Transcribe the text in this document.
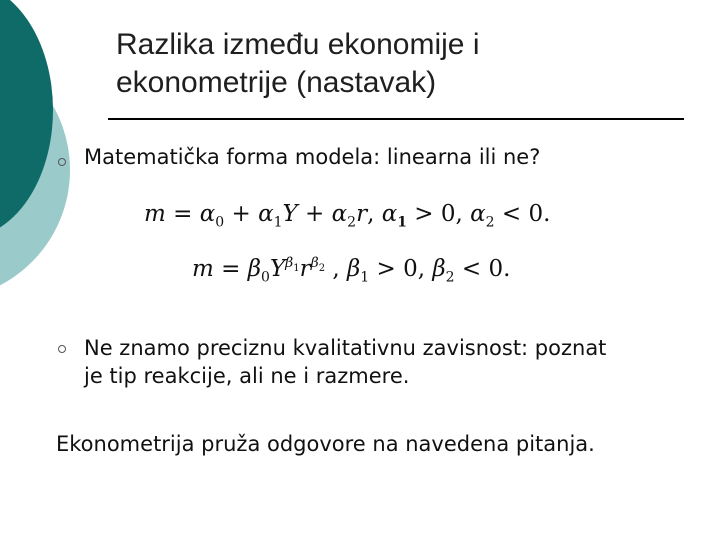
Razlika između ekonomije i
ekonometrije (nastavak)
Matematička forma modela: linearna ili ne?
$m = \alpha_0 + \alpha_1Y + \alpha_2r$, $\alpha_1 > 0$, $\alpha_2 < 0$.
$m = \beta_0Y^{\beta_1}r^{\beta_2}$ , $\beta_1 > 0$, $\beta_2 < 0$.
Ne znamo preciznu kvalitativnu zavisnost: poznat
je tip reakcije, ali ne i razmere.
Ekonometrija pruža odgovore na navedena pitanja.
